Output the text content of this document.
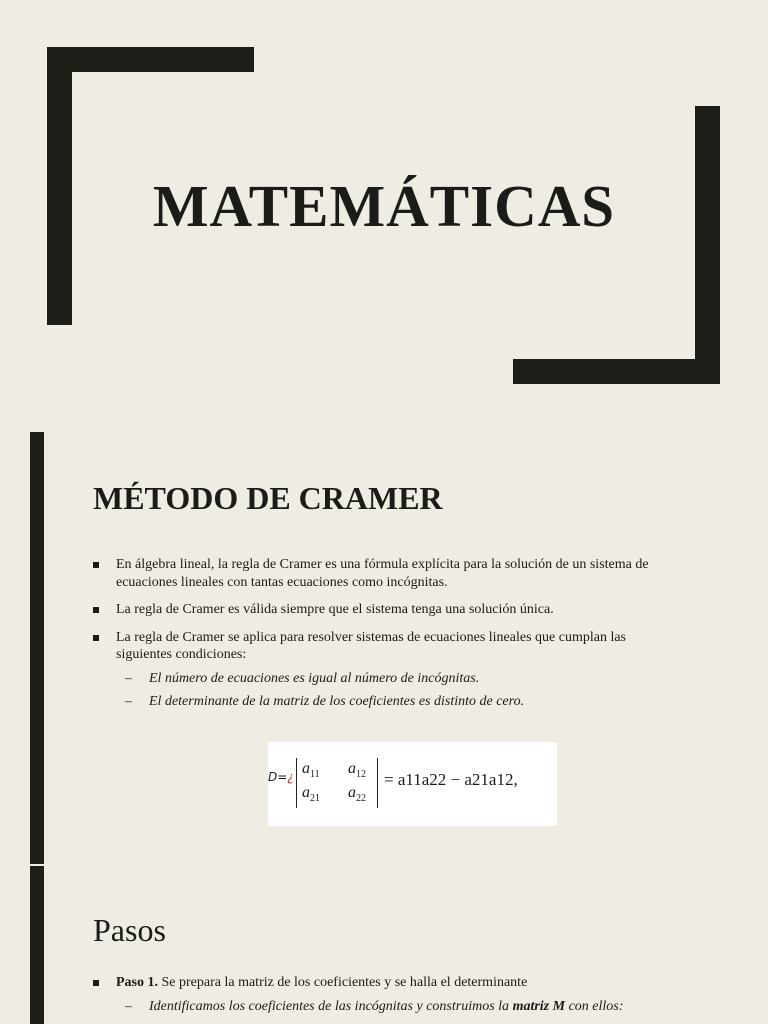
MATEMÁTICAS
MÉTODO DE CRAMER
En álgebra lineal, la regla de Cramer es una fórmula explícita para la solución de un sistema de ecuaciones lineales con tantas ecuaciones como incógnitas.
La regla de Cramer es válida siempre que el sistema tenga una solución única.
La regla de Cramer se aplica para resolver sistemas de ecuaciones lineales que cumplan las siguientes condiciones:
– El número de ecuaciones es igual al número de incógnitas.
– El determinante de la matriz de los coeficientes es distinto de cero.
D=¿ $a_{11}$ $a_{12}$
$a_{21}$ $a_{22}$
= a11a22 − a21a12,
Pasos
Paso 1. Se prepara la matriz de los coeficientes y se halla el determinante
– Identificamos los coeficientes de las incógnitas y construimos la matriz M con ellos:
